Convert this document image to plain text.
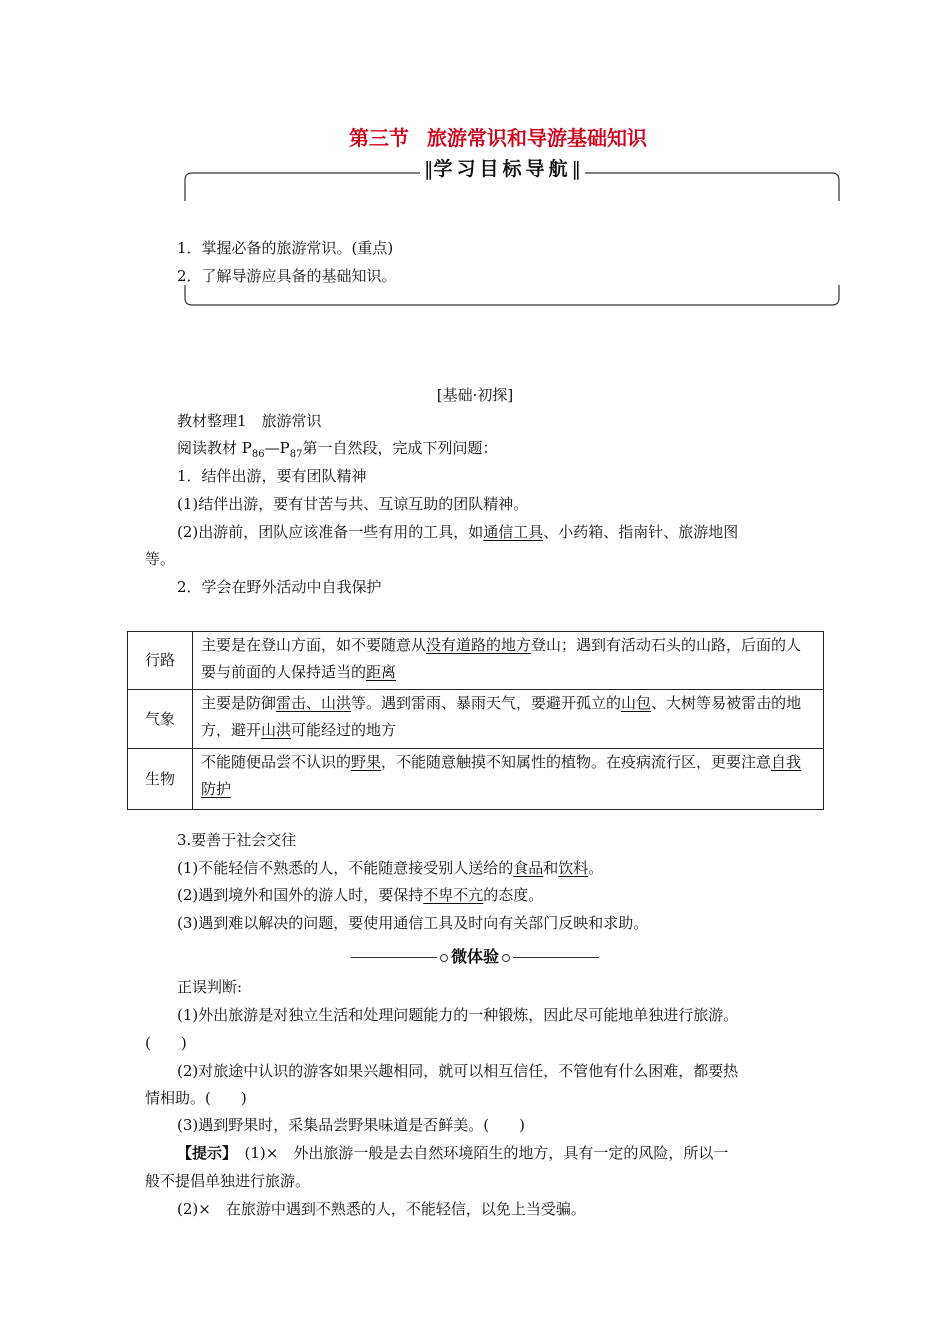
第三节 旅游常识和导游基础知识
‖学习目标导航‖
1．掌握必备的旅游常识。(重点)
2．了解导游应具备的基础知识。
[基础·初探]
教材整理1　旅游常识
阅读教材 $P_{86}—P_{87}$第一自然段，完成下列问题：
1．结伴出游，要有团队精神
(1)结伴出游，要有甘苦与共、互谅互助的团队精神。
(2)出游前，团队应该准备一些有用的工具，如通信工具、小药箱、指南针、旅游地图
等。
2．学会在野外活动中自我保护
行路	主要是在登山方面，如不要随意从没有道路的地方登山；遇到有活动石头的山路，后面的人要与前面的人保持适当的距离
气象	主要是防御雷击、山洪等。遇到雷雨、暴雨天气，要避开孤立的山包、大树等易被雷击的地方，避开山洪可能经过的地方
生物	不能随便品尝不认识的野果，不能随意触摸不知属性的植物。在疫病流行区，更要注意自我防护
3.要善于社会交往
(1)不能轻信不熟悉的人，不能随意接受别人送给的食品和饮料。
(2)遇到境外和国外的游人时，要保持不卑不亢的态度。
(3)遇到难以解决的问题，要使用通信工具及时向有关部门反映和求助。
微体验
正误判断:
(1)外出旅游是对独立生活和处理问题能力的一种锻炼，因此尽可能地单独进行旅游。
(　　)
(2)对旅途中认识的游客如果兴趣相同，就可以相互信任，不管他有什么困难，都要热
情相助。(　　)
(3)遇到野果时，采集品尝野果味道是否鲜美。(　　)
【提示】　(1)×　外出旅游一般是去自然环境陌生的地方，具有一定的风险，所以一
般不提倡单独进行旅游。
(2)×　在旅游中遇到不熟悉的人，不能轻信，以免上当受骗。
